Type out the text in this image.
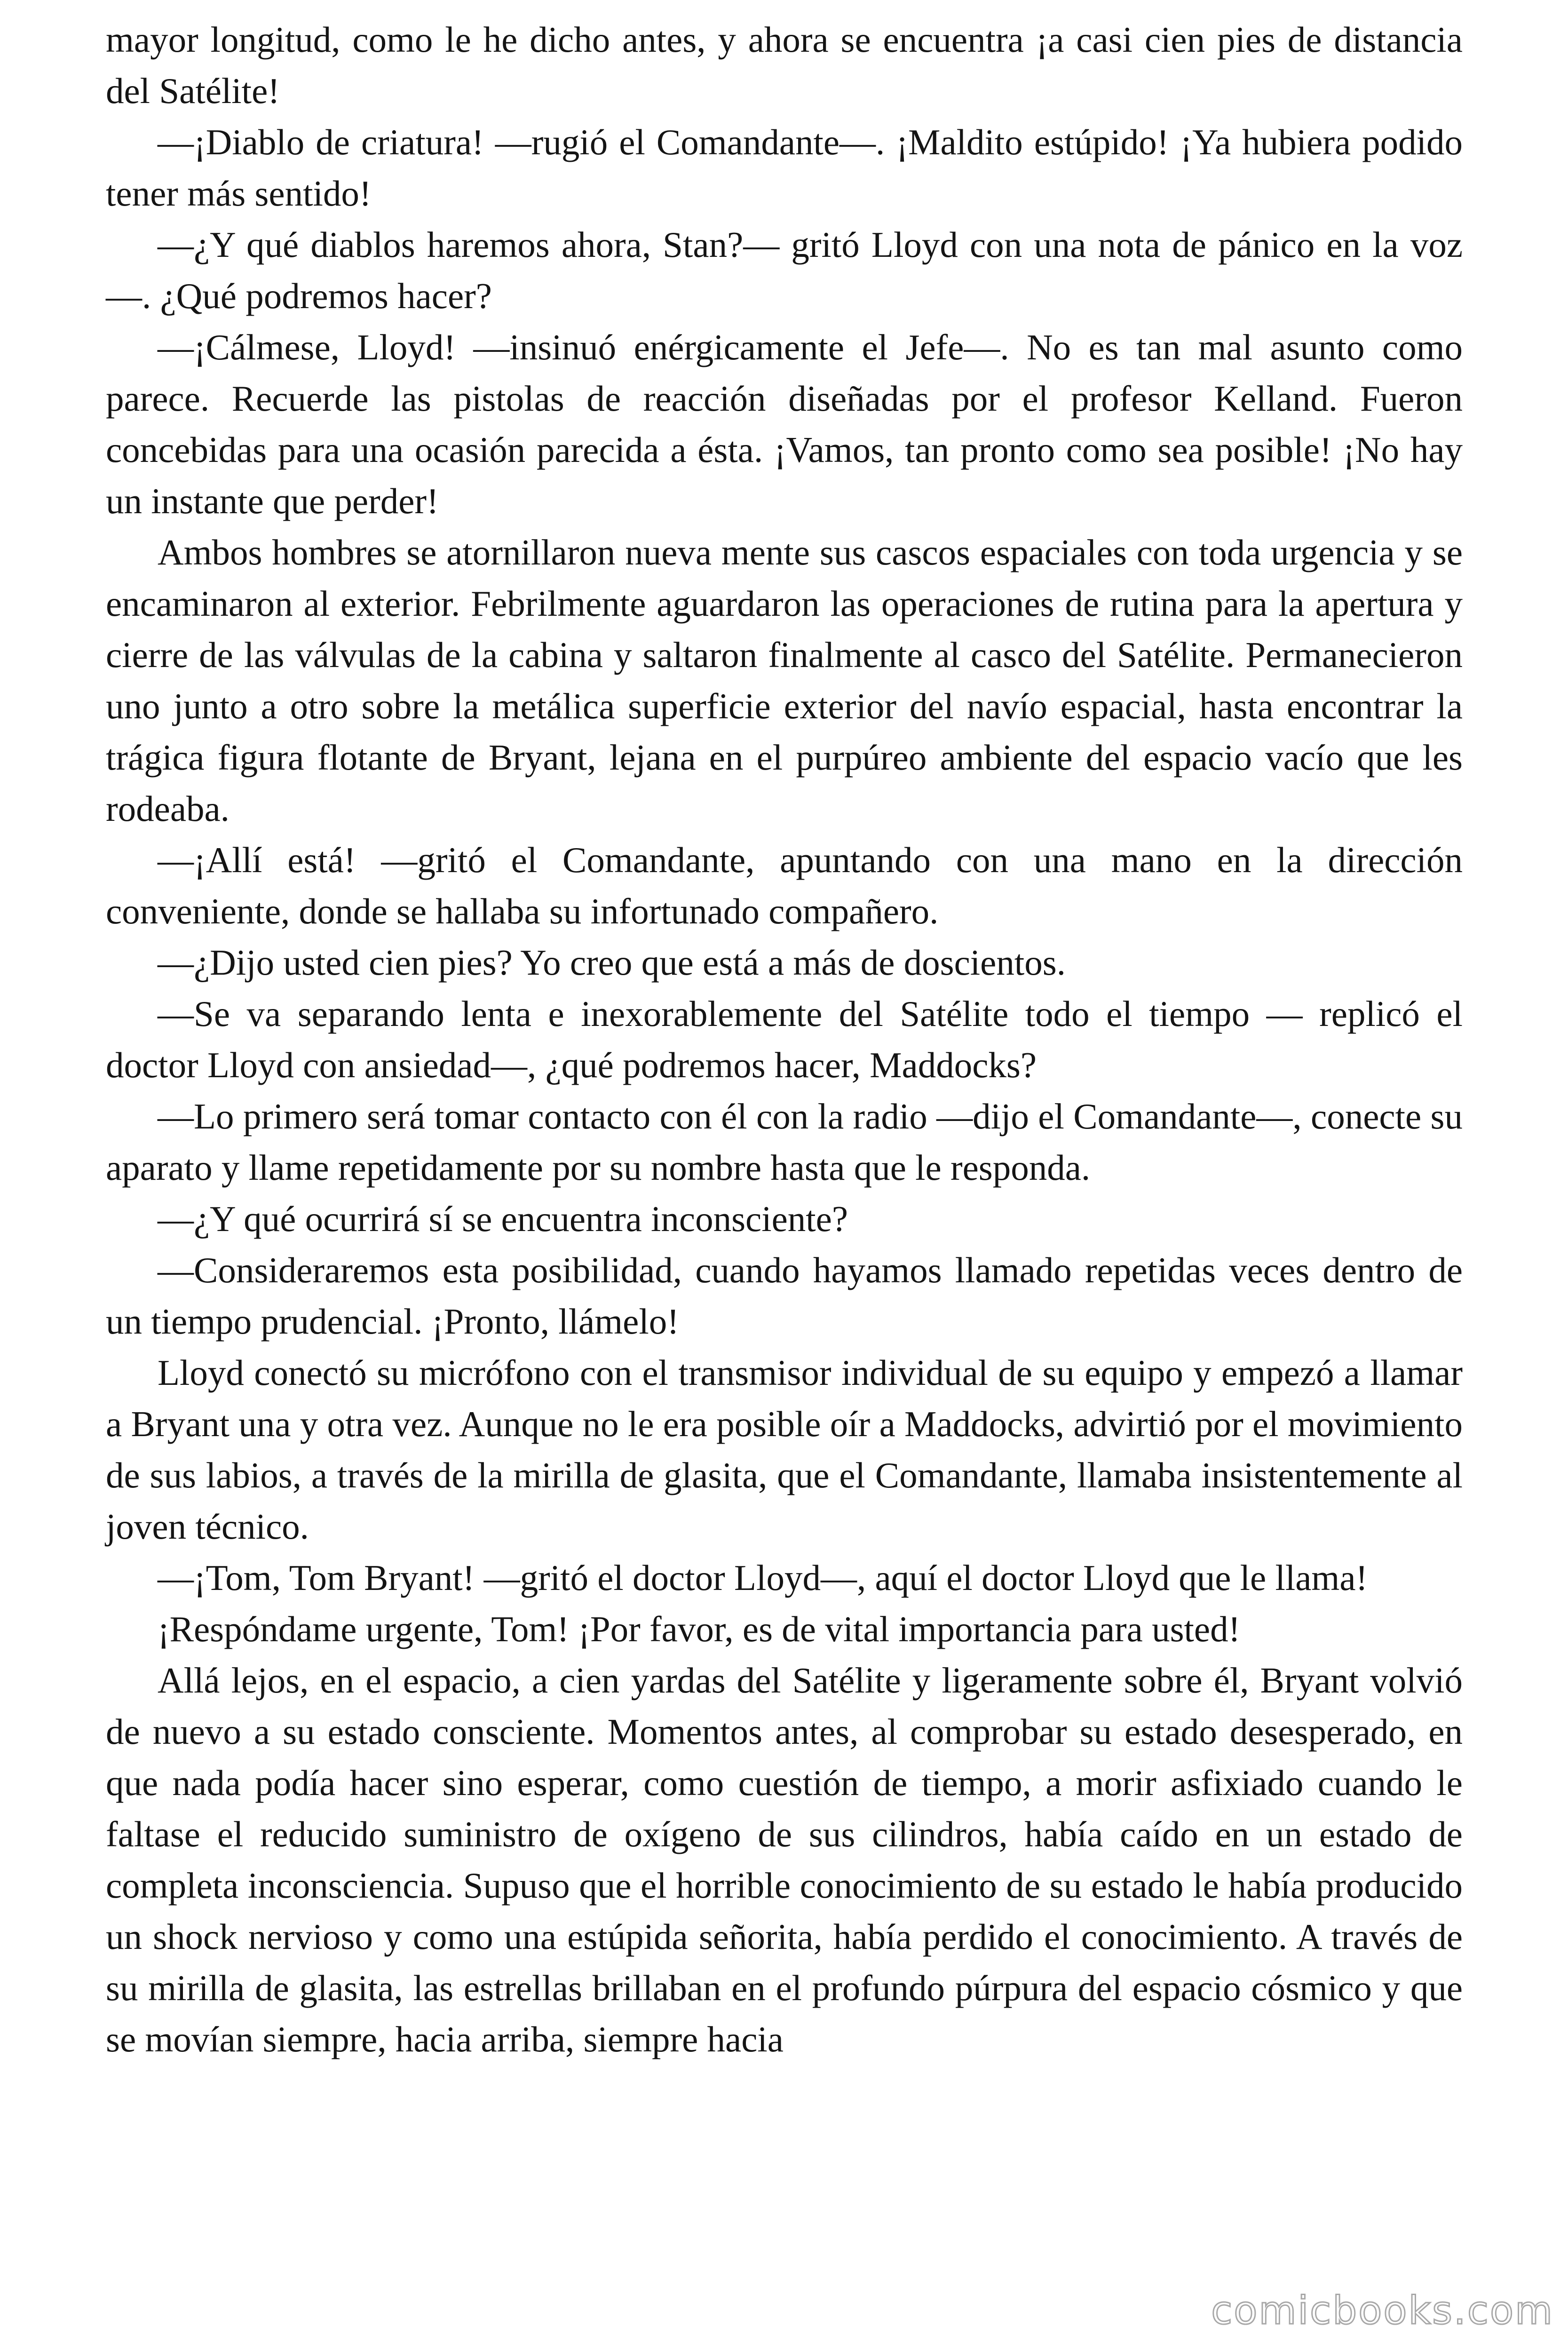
mayor longitud, como le he dicho antes, y ahora se encuentra ¡a casi cien pies de distancia del Satélite!

—¡Diablo de criatura! —rugió el Comandante—. ¡Maldito estúpido! ¡Ya hubiera podido tener más sentido!

—¿Y qué diablos haremos ahora, Stan?— gritó Lloyd con una nota de pánico en la voz—. ¿Qué podremos hacer?

—¡Cálmese, Lloyd! —insinuó enérgicamente el Jefe—. No es tan mal asunto como parece. Recuerde las pistolas de reacción diseñadas por el profesor Kelland. Fueron concebidas para una ocasión parecida a ésta. ¡Vamos, tan pronto como sea posible! ¡No hay un instante que perder!

Ambos hombres se atornillaron nueva mente sus cascos espaciales con toda urgencia y se encaminaron al exterior. Febrilmente aguardaron las operaciones de rutina para la apertura y cierre de las válvulas de la cabina y saltaron finalmente al casco del Satélite. Permanecieron uno junto a otro sobre la metálica superficie exterior del navío espacial, hasta encontrar la trágica figura flotante de Bryant, lejana en el purpúreo ambiente del espacio vacío que les rodeaba.

—¡Allí está! —gritó el Comandante, apuntando con una mano en la dirección conveniente, donde se hallaba su infortunado compañero.

—¿Dijo usted cien pies? Yo creo que está a más de doscientos.

—Se va separando lenta e inexorablemente del Satélite todo el tiempo — replicó el doctor Lloyd con ansiedad—, ¿qué podremos hacer, Maddocks?

—Lo primero será tomar contacto con él con la radio —dijo el Comandante—, conecte su aparato y llame repetidamente por su nombre hasta que le responda.

—¿Y qué ocurrirá sí se encuentra inconsciente?

—Consideraremos esta posibilidad, cuando hayamos llamado repetidas veces dentro de un tiempo prudencial. ¡Pronto, llámelo!

Lloyd conectó su micrófono con el transmisor individual de su equipo y empezó a llamar a Bryant una y otra vez. Aunque no le era posible oír a Maddocks, advirtió por el movimiento de sus labios, a través de la mirilla de glasita, que el Comandante, llamaba insistentemente al joven técnico.

—¡Tom, Tom Bryant! —gritó el doctor Lloyd—, aquí el doctor Lloyd que le llama!

¡Respóndame urgente, Tom! ¡Por favor, es de vital importancia para usted!

Allá lejos, en el espacio, a cien yardas del Satélite y ligeramente sobre él, Bryant volvió de nuevo a su estado consciente. Momentos antes, al comprobar su estado desesperado, en que nada podía hacer sino esperar, como cuestión de tiempo, a morir asfixiado cuando le faltase el reducido suministro de oxígeno de sus cilindros, había caído en un estado de completa inconsciencia. Supuso que el horrible conocimiento de su estado le había producido un shock nervioso y como una estúpida señorita, había perdido el conocimiento. A través de su mirilla de glasita, las estrellas brillaban en el profundo púrpura del espacio cósmico y que se movían siempre, hacia arriba, siempre hacia

comicbooks.com
